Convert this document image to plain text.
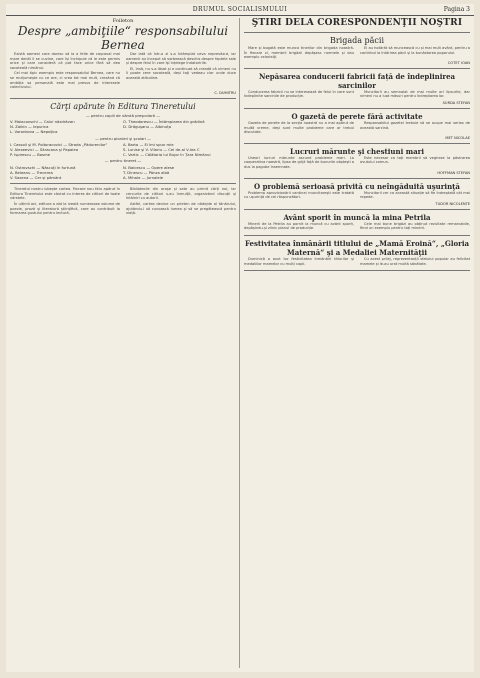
DRUMUL SOCIALISMULUI	Pagina 3
Foileton
Despre „ambiţiile“ responsabilului Bernea

Există oameni care doresc să ia o felie de cașcaval mai mare decât li se cuvine, care își închipuie că le este permis orice și care consideră că pot face orice fără să dea socoteală nimănui.

Cel mai tipic exemplu este responsabilul Bernea, care nu se mulțumește cu ce are, ci vrea tot mai mult, crezând că ambiția sa personală este mai presus de interesele colectivului.

Dar iată că într-o zi s-a întâmplat ceva neprevăzut, iar oamenii au început să vorbească deschis despre faptele sale și despre felul în care își înțelege îndatoririle.

El, însă, nu s-a lăsat și a continuat să creadă că nimeni nu îi poate cere socoteală, deși toți vedeau clar unde duce această atitudine.

C. DUMITRU
Cărţi apărute în Editura Tineretului
— pentru copiii de vârstă preşcolară —
V. Maiacovschi — Calul năzdrăvan	O. Theodorescu — Întâmplarea din grădină
N. Zaikin — Iepurica	D. Drăguşanu — Albinuţa
L. Voronkova — Nepoţica
— pentru pionieri şi şcolari —
I. Cassoli şi M. Poltoracovici — Strada „Pădurenilor“	A. Barto — Ei îmi spun mie
V. Alexeevici — Săracana şi Papaiea	S. Lunise şi V. Vilariu — Cel de-al V-lea C
P. Ispirescu — Basme	C. Vartic — Călătoria lui Bujor în Țara Nimănui
— pentru tineret —
N. Ostrovschi — Nãscuţi în furtună	N. Balcescu — Opere alese
A. Beleanu — Trecerea	T. Dinescu — Pânza albă
V. Saxena — Cer și pământ	A. Mihale — Jurnalele

Tineretul nostru iubește cartea. Fiecare nou titlu apărut în Editura Tineretului este căutat cu interes de cititori de toate vârstele.

În ultimii ani, editura a dat la iveală numeroase volume de poezie, proză și literatură științifică, care au contribuit la formarea gustului pentru lectură.

Bibliotecile din orașe și sate au primit cărți noi, iar cercurile de cititori s-au înmulțit, organizând discuții și întâlniri cu autorii.

Astfel, cartea devine un prieten de nădejde al tânărului, ajutându-l să cunoască lumea și să se pregătească pentru viață.

ŞTIRI DELA CORESPONDENŢII NOŞTRI
Brigada păcii

Mare și bogată este munca tinerilor din brigada noastră. În fiecare zi, membrii brigăzii depășesc normele și dau exemplu celorlalți.

Ei au hotărât să muncească cu și mai mult avânt, pentru a contribui la întărirea păcii și la bunăstarea poporului.

COTET IOAN
Nepăsarea conducerii fabricii față de îndeplinirea sarcinilor

Conducerea fabricii nu se interesează de felul în care sunt îndeplinite sarcinile de producție.

Muncitorii au semnalat de mai multe ori lipsurile, dar nimeni nu a luat măsuri pentru îndreptarea lor.

SURDA STEFAN
O gazetă de perete fără activitate

Gazeta de perete de la secția noastră nu a mai apărut de multă vreme, deși sunt multe probleme care ar trebui discutate.

Responsabilul gazetei trebuie să se ocupe mai serios de această sarcină.

MET NICOLAE
Lucruri mărunte şi chestiuni mari

Uneori lucruri mărunte ascund probleme mari. La cooperativa noastră, lipsa de grijă față de bunurile obștești a dus la pagube însemnate.

Este necesar ca toți membrii să vegheze la păstrarea avutului comun.

HOFFMAN STEFAN
O problemă serioasă privită cu neîngăduită uşurinţă

Problema aprovizionării cantinei muncitorești este tratată cu ușurință de cei răspunzători.

Muncitorii cer ca această situație să fie îndreptată cât mai repede.

TUDOR NICOLENTE
Avânt sporit în muncă la mina Petrila

Minerii de la Petrila au pornit la muncă cu avânt sporit, depășindu-și zilnic planul de producție.

Cele mai bune brigăzi au obținut rezultate remarcabile, fiind un exemplu pentru toți minerii.

Festivitatea înmânării titlului de „Mamă Eroină“, „Gloria Maternă“ şi a Medaliei Maternităţii

Duminică a avut loc festivitatea înmânării titlurilor și medaliilor mamelor cu mulți copii.

Cu acest prilej, reprezentanții sfatului popular au felicitat mamele și le-au urat multă sănătate.
